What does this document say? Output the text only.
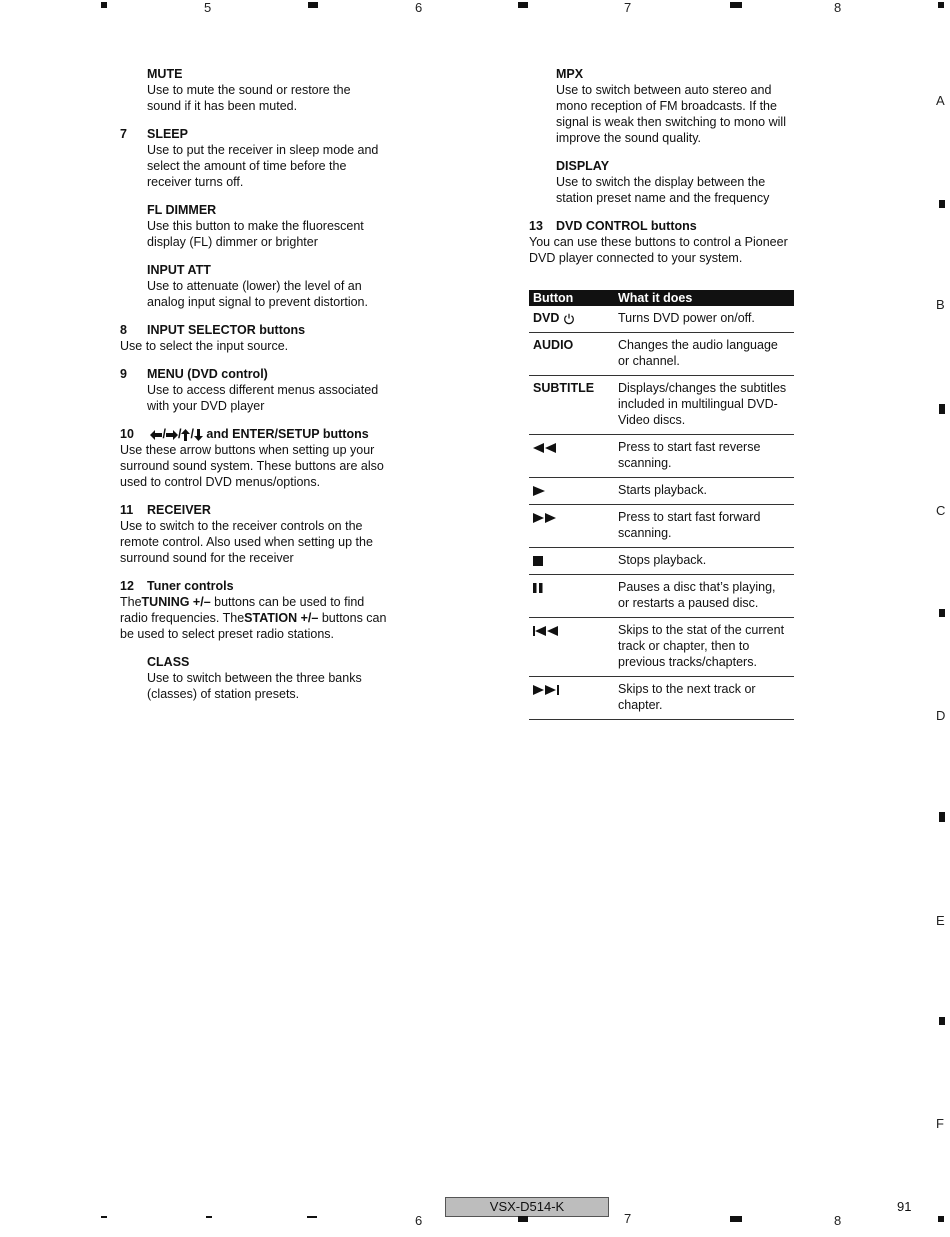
5	6	7	8
A
B
C
D
E
F
MUTE
Use to mute the sound or restore the sound if it has been muted.
7 SLEEP
Use to put the receiver in sleep mode and select the amount of time before the receiver turns off.
FL DIMMER
Use this button to make the fluorescent display (FL) dimmer or brighter
INPUT ATT
Use to attenuate (lower) the level of an analog input signal to prevent distortion.
8 INPUT SELECTOR buttons
Use to select the input source.
9 MENU (DVD control)
Use to access different menus associated with your DVD player
10 / / / and ENTER/SETUP buttons
Use these arrow buttons when setting up your surround sound system. These buttons are also used to control DVD menus/options.
11 RECEIVER
Use to switch to the receiver controls on the remote control. Also used when setting up the surround sound for the receiver
12 Tuner controls
TheTUNING +/– buttons can be used to find radio frequencies. TheSTATION +/– buttons can be used to select preset radio stations.
CLASS
Use to switch between the three banks (classes) of station presets.
MPX
Use to switch between auto stereo and mono reception of FM broadcasts. If the signal is weak then switching to mono will improve the sound quality.
DISPLAY
Use to switch the display between the station preset name and the frequency
13 DVD CONTROL buttons
You can use these buttons to control a Pioneer DVD player connected to your system.
Button	What it does
DVD	Turns DVD power on/off.
AUDIO	Changes the audio language or channel.
SUBTITLE	Displays/changes the subtitles included in multilingual DVD-Video discs.
	Press to start fast reverse scanning.
	Starts playback.
	Press to start fast forward scanning.
	Stops playback.
	Pauses a disc that’s playing, or restarts a paused disc.
	Skips to the stat of the current track or chapter, then to previous tracks/chapters.
	Skips to the next track or chapter.
VSX-D514-K	91
6	7	8
